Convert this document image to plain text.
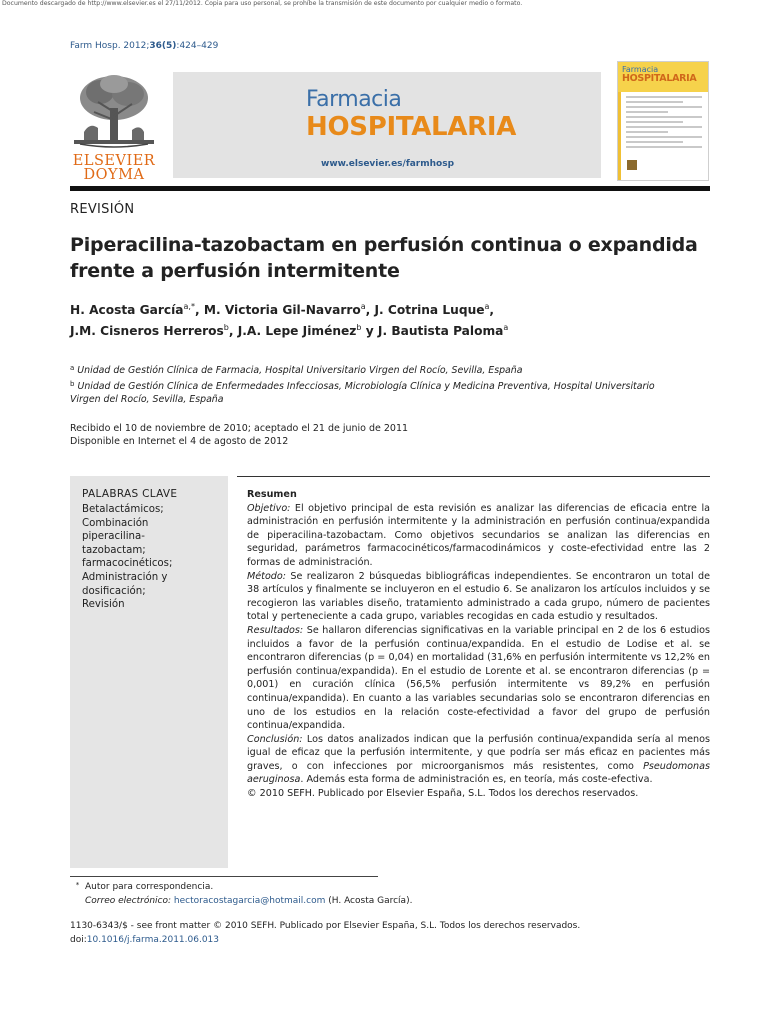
Documento descargado de http://www.elsevier.es el 27/11/2012. Copia para uso personal, se prohíbe la transmisión de este documento por cualquier medio o formato.
Farm Hosp. 2012;36(5):424–429
ELSEVIER
DOYMA
Farmacia
HOSPITALARIA
www.elsevier.es/farmhosp
Farmacia
HOSPITALARIA
REVISIÓN
Piperacilina-tazobactam en perfusión continua o expandida frente a perfusión intermitente
H. Acosta García$^{a,*}$, M. Victoria Gil-Navarro$^a$, J. Cotrina Luque$^a$,
J.M. Cisneros Herreros$^b$, J.A. Lepe Jiménez$^b$ y J. Bautista Paloma$^a$
$^a$ Unidad de Gestión Clínica de Farmacia, Hospital Universitario Virgen del Rocío, Sevilla, España
$^b$ Unidad de Gestión Clínica de Enfermedades Infecciosas, Microbiología Clínica y Medicina Preventiva, Hospital Universitario
Virgen del Rocío, Sevilla, España
Recibido el 10 de noviembre de 2010; aceptado el 21 de junio de 2011
Disponible en Internet el 4 de agosto de 2012
PALABRAS CLAVE
Betalactámicos;
Combinación
piperacilina-
tazobactam;
farmacocinéticos;
Administración y
dosificación;
Revisión
Resumen
Objetivo: El objetivo principal de esta revisión es analizar las diferencias de eficacia entre la administración en perfusión intermitente y la administración en perfusión continua/expandida de piperacilina-tazobactam. Como objetivos secundarios se analizan las diferencias en seguridad, parámetros farmacocinéticos/farmacodinámicos y coste-efectividad entre las 2 formas de administración.
Método: Se realizaron 2 búsquedas bibliográficas independientes. Se encontraron un total de 38 artículos y finalmente se incluyeron en el estudio 6. Se analizaron los artículos incluidos y se recogieron las variables diseño, tratamiento administrado a cada grupo, número de pacientes total y perteneciente a cada grupo, variables recogidas en cada estudio y resultados.
Resultados: Se hallaron diferencias significativas en la variable principal en 2 de los 6 estudios incluidos a favor de la perfusión continua/expandida. En el estudio de Lodise et al. se encontraron diferencias (p = 0,04) en mortalidad (31,6% en perfusión intermitente vs 12,2% en perfusión continua/expandida). En el estudio de Lorente et al. se encontraron diferencias (p = 0,001) en curación clínica (56,5% perfusión intermitente vs 89,2% en perfusión continua/expandida). En cuanto a las variables secundarias solo se encontraron diferencias en uno de los estudios en la relación coste-efectividad a favor del grupo de perfusión continua/expandida.
Conclusión: Los datos analizados indican que la perfusión continua/expandida sería al menos igual de eficaz que la perfusión intermitente, y que podría ser más eficaz en pacientes más graves, o con infecciones por microorganismos más resistentes, como Pseudomonas aeruginosa. Además esta forma de administración es, en teoría, más coste-efectiva.
© 2010 SEFH. Publicado por Elsevier España, S.L. Todos los derechos reservados.
* Autor para correspondencia.
Correo electrónico: hectoracostagarcia@hotmail.com (H. Acosta García).
1130-6343/$ - see front matter © 2010 SEFH. Publicado por Elsevier España, S.L. Todos los derechos reservados.
doi:10.1016/j.farma.2011.06.013
